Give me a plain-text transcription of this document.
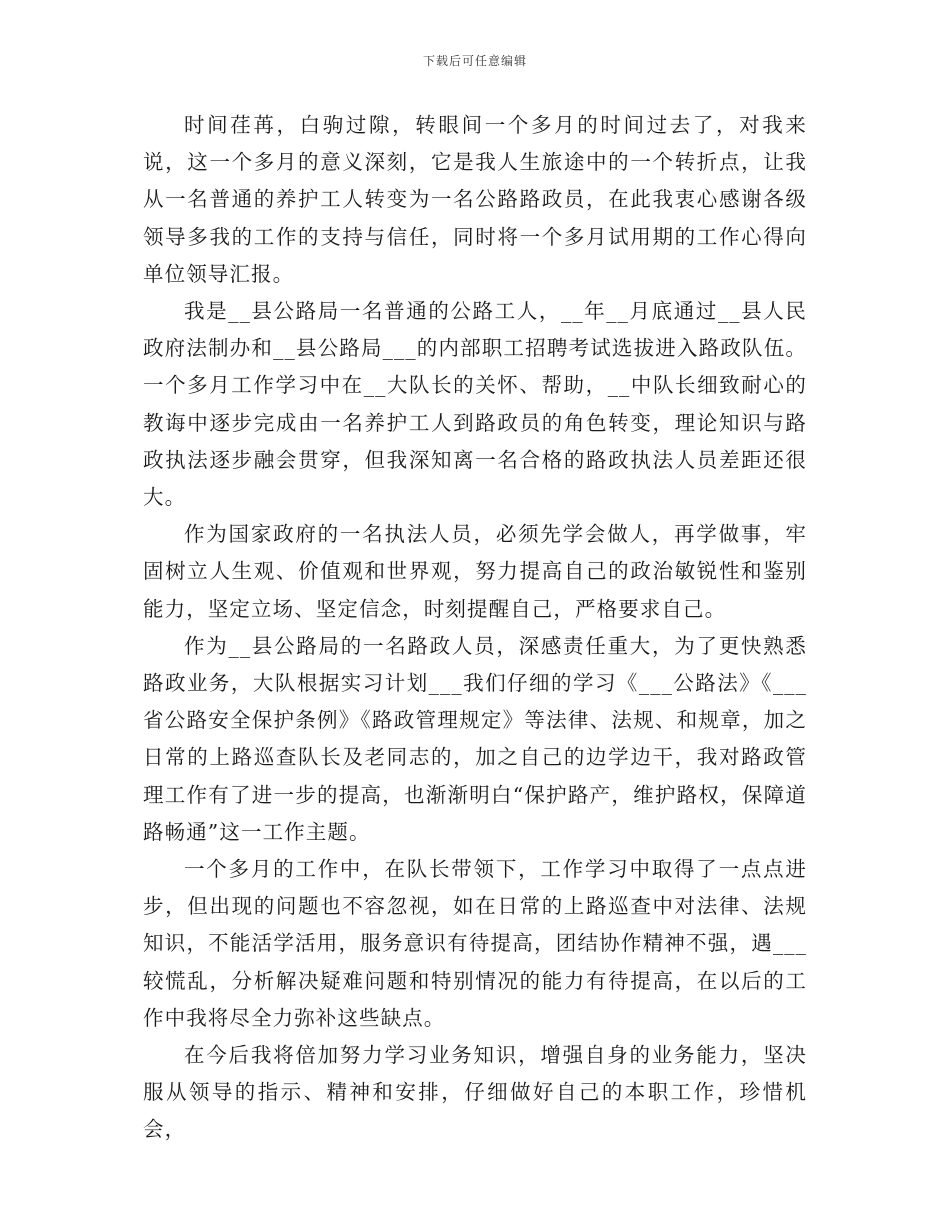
下载后可任意编辑

时间荏苒，白驹过隙，转眼间一个多月的时间过去了，对我来说，这一个多月的意义深刻，它是我人生旅途中的一个转折点，让我从一名普通的养护工人转变为一名公路路政员，在此我衷心感谢各级领导多我的工作的支持与信任，同时将一个多月试用期的工作心得向单位领导汇报。

我是__县公路局一名普通的公路工人，__年__月底通过__县人民政府法制办和__县公路局___的内部职工招聘考试选拔进入路政队伍。一个多月工作学习中在__大队长的关怀、帮助，__中队长细致耐心的教诲中逐步完成由一名养护工人到路政员的角色转变，理论知识与路政执法逐步融会贯穿，但我深知离一名合格的路政执法人员差距还很大。

作为国家政府的一名执法人员，必须先学会做人，再学做事，牢固树立人生观、价值观和世界观，努力提高自己的政治敏锐性和鉴别能力，坚定立场、坚定信念，时刻提醒自己，严格要求自己。

作为__县公路局的一名路政人员，深感责任重大，为了更快熟悉路政业务，大队根据实习计划___我们仔细的学习《___公路法》《___省公路安全保护条例》《路政管理规定》等法律、法规、和规章，加之日常的上路巡查队长及老同志的，加之自己的边学边干，我对路政管理工作有了进一步的提高，也渐渐明白“保护路产，维护路权，保障道路畅通”这一工作主题。

一个多月的工作中，在队长带领下，工作学习中取得了一点点进步，但出现的问题也不容忽视，如在日常的上路巡查中对法律、法规知识，不能活学活用，服务意识有待提高，团结协作精神不强，遇___较慌乱，分析解决疑难问题和特别情况的能力有待提高，在以后的工作中我将尽全力弥补这些缺点。

在今后我将倍加努力学习业务知识，增强自身的业务能力，坚决服从领导的指示、精神和安排，仔细做好自己的本职工作，珍惜机会，
